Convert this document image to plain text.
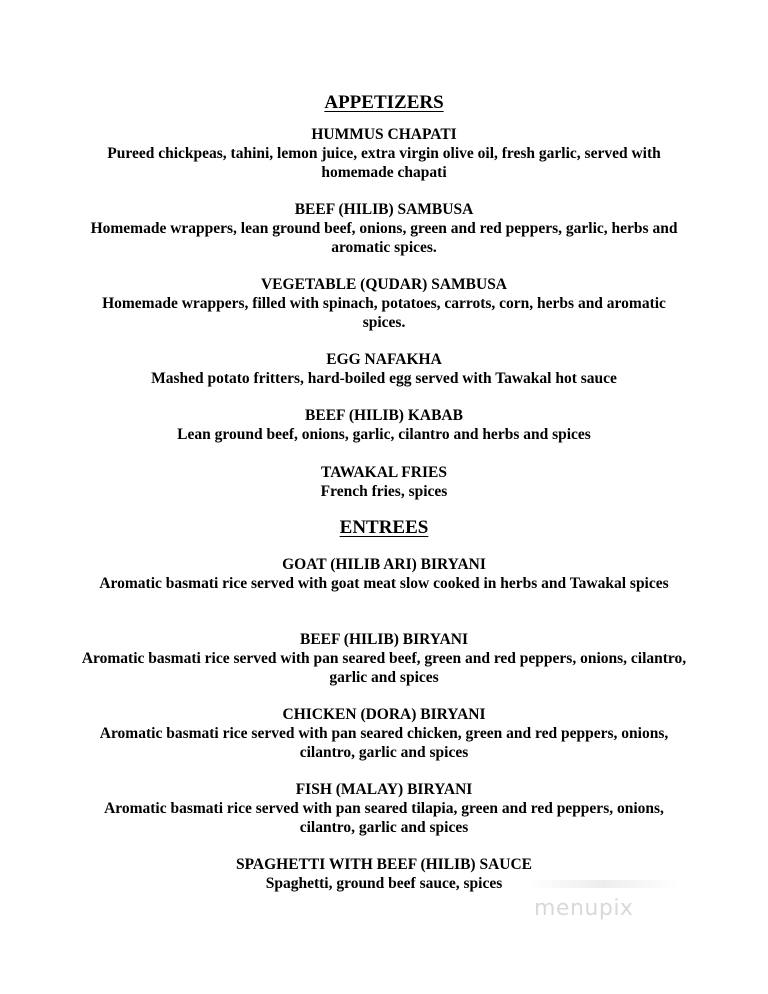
APPETIZERS
HUMMUS CHAPATI
Pureed chickpeas, tahini, lemon juice, extra virgin olive oil, fresh garlic, served with homemade chapati
BEEF (HILIB) SAMBUSA
Homemade wrappers, lean ground beef, onions, green and red peppers, garlic, herbs and aromatic spices.
VEGETABLE (QUDAR) SAMBUSA
Homemade wrappers, filled with spinach, potatoes, carrots, corn, herbs and aromatic spices.
EGG NAFAKHA
Mashed potato fritters, hard-boiled egg served with Tawakal hot sauce
BEEF (HILIB) KABAB
Lean ground beef, onions, garlic, cilantro and herbs and spices
TAWAKAL FRIES
French fries, spices
ENTREES
GOAT (HILIB ARI) BIRYANI
Aromatic basmati rice served with goat meat slow cooked in herbs and Tawakal spices
BEEF (HILIB) BIRYANI
Aromatic basmati rice served with pan seared beef, green and red peppers, onions, cilantro, garlic and spices
CHICKEN (DORA) BIRYANI
Aromatic basmati rice served with pan seared chicken, green and red peppers, onions, cilantro, garlic and spices
FISH (MALAY) BIRYANI
Aromatic basmati rice served with pan seared tilapia, green and red peppers, onions, cilantro, garlic and spices
SPAGHETTI WITH BEEF (HILIB) SAUCE
Spaghetti, ground beef sauce, spices
menupix
